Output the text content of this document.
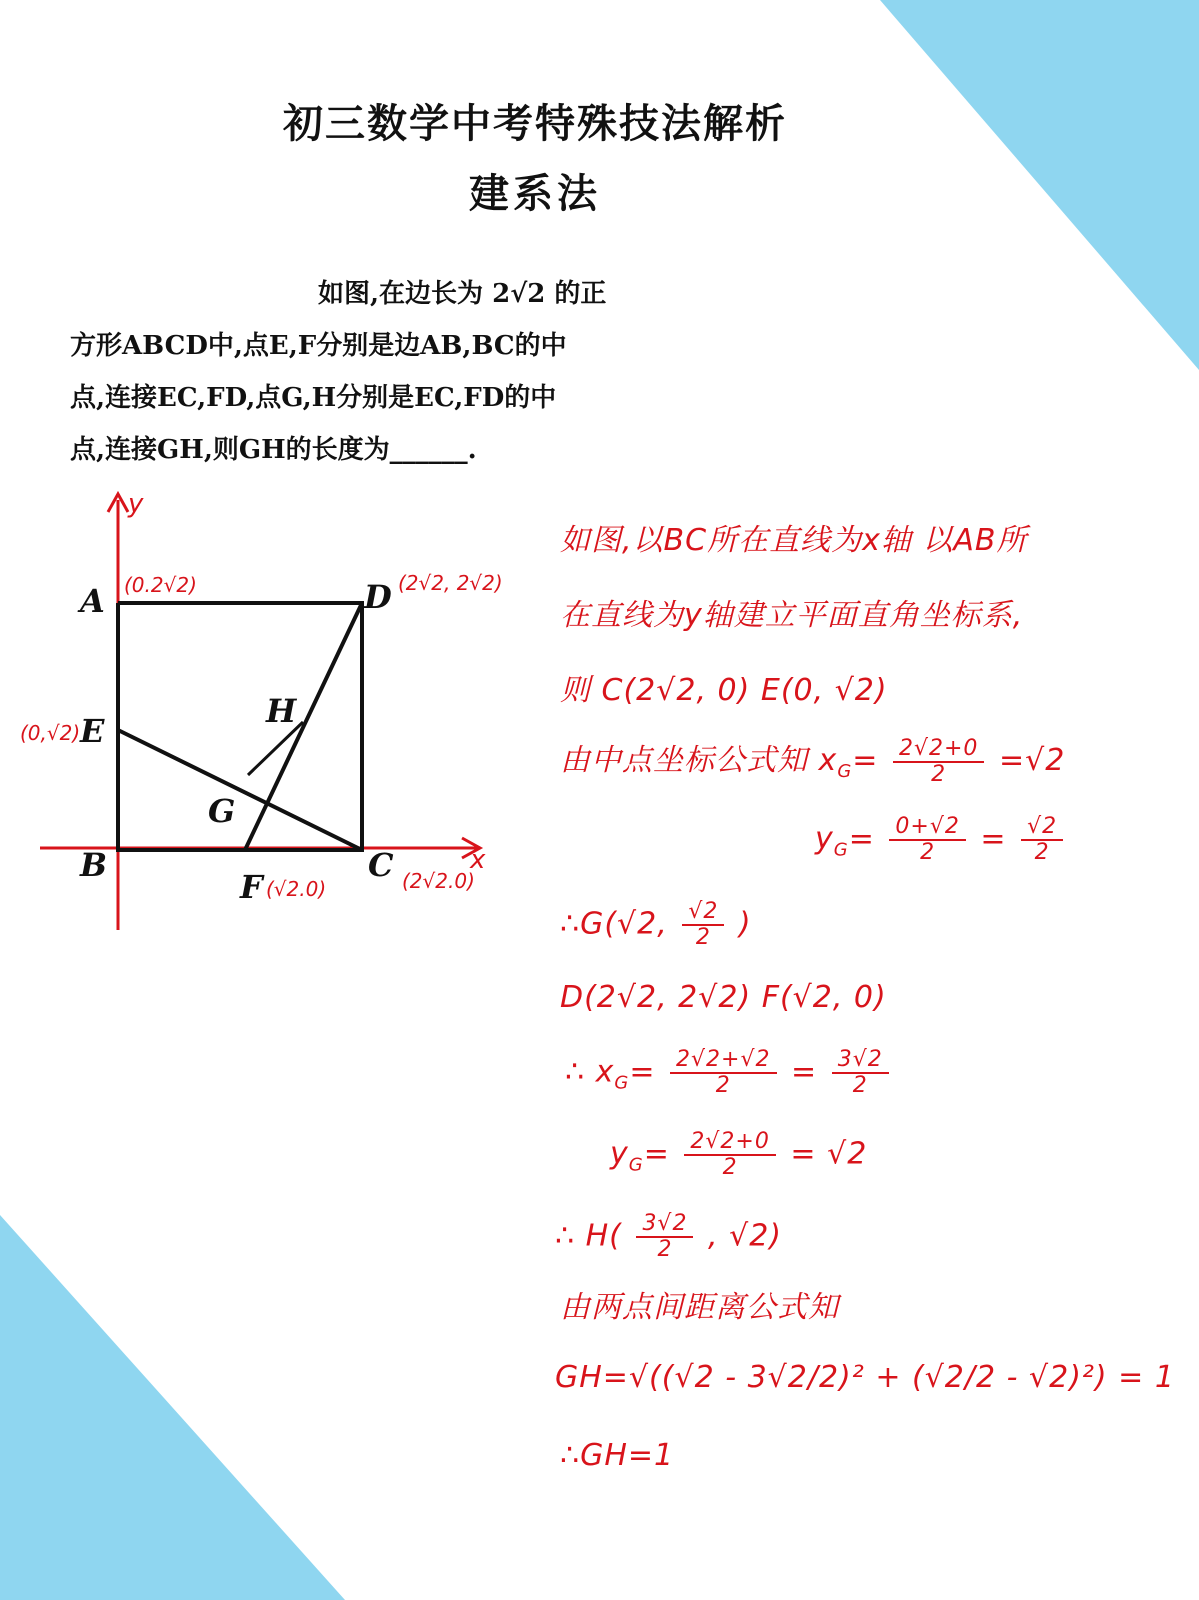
初三数学中考特殊技法解析
建系法
如图,在边长为 2√2 的正
方形ABCD中,点E,F分别是边AB,BC的中
点,连接EC,FD,点G,H分别是EC,FD的中
点,连接GH,则GH的长度为______.
y
x
A
B	C
D
E
F
G
H
(0.2√2)	(2√2, 2√2)
(0,√2)
(√2.0)	(2√2.0)
如图,以BC所在直线为x轴 以AB所
在直线为y轴建立平面直角坐标系,
则 C(2√2, 0) E(0, √2)
由中点坐标公式知 $x_G= \frac{2√2+0}{2} =√2$
$y_G= \frac{0+√2}{2} = \frac{√2}{2}$
∴G(√2, $\frac{√2}{2}$ )
D(2√2, 2√2) F(√2, 0)
∴ $x_G= \frac{2√2+√2}{2} = \frac{3√2}{2}$
$y_G= \frac{2√2+0}{2} = √2$
∴ $H( \frac{3√2}{2}$ , √2)
由两点间距离公式知
GH=√((√2 - 3√2/2)² + (√2/2 - √2)²) = 1
∴GH=1
